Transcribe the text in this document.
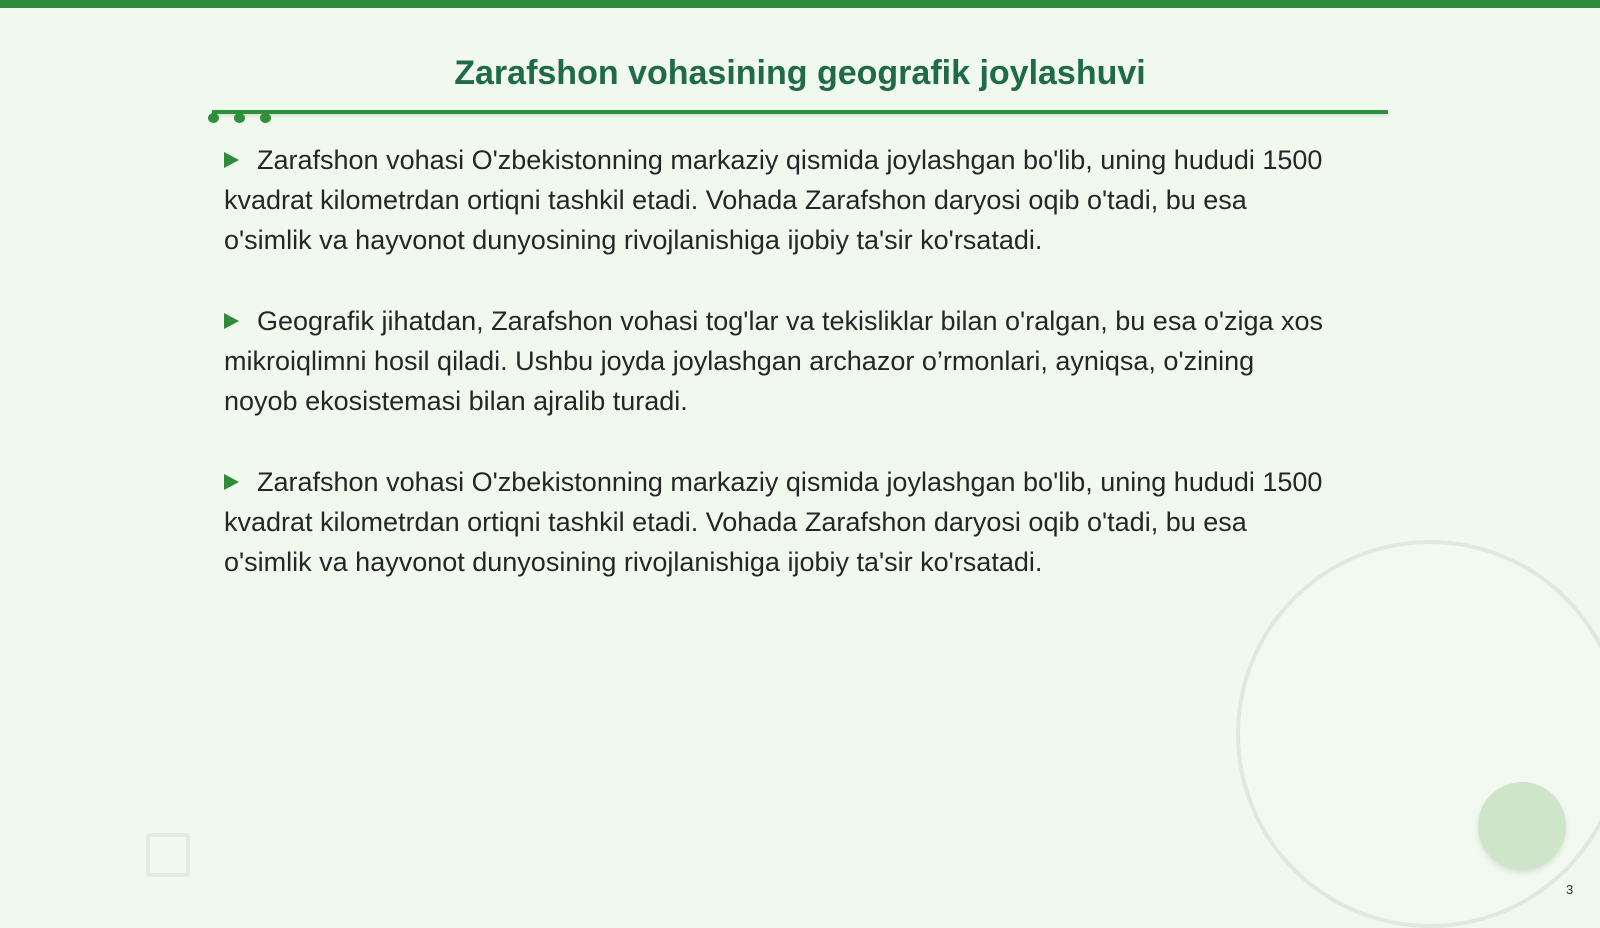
Zarafshon vohasining geografik joylashuvi

Zarafshon vohasi O'zbekistonning markaziy qismida joylashgan bo'lib, uning hududi 1500 kvadrat kilometrdan ortiqni tashkil etadi. Vohada Zarafshon daryosi oqib o'tadi, bu esa o'simlik va hayvonot dunyosining rivojlanishiga ijobiy ta'sir ko'rsatadi.

Geografik jihatdan, Zarafshon vohasi tog'lar va tekisliklar bilan o'ralgan, bu esa o'ziga xos mikroiqlimni hosil qiladi. Ushbu joyda joylashgan archazor o’rmonlari, ayniqsa, o'zining noyob ekosistemasi bilan ajralib turadi.

Zarafshon vohasi O'zbekistonning markaziy qismida joylashgan bo'lib, uning hududi 1500 kvadrat kilometrdan ortiqni tashkil etadi. Vohada Zarafshon daryosi oqib o'tadi, bu esa o'simlik va hayvonot dunyosining rivojlanishiga ijobiy ta'sir ko'rsatadi.

3
